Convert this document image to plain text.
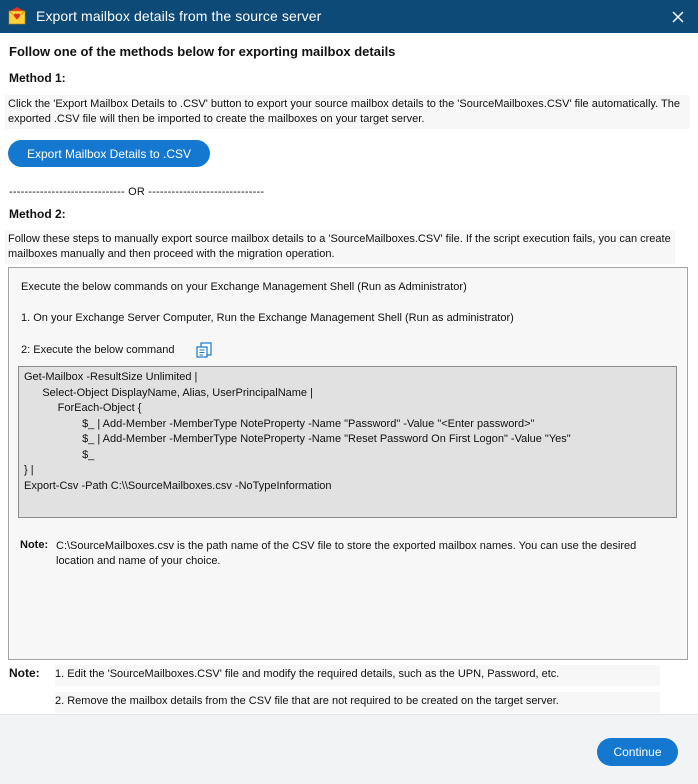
Export mailbox details from the source server
Follow one of the methods below for exporting mailbox details
Method 1:
Click the 'Export Mailbox Details to .CSV' button to export your source mailbox details to the 'SourceMailboxes.CSV' file automatically. The exported .CSV file will then be imported to create the mailboxes on your target server.
Export Mailbox Details to .CSV
------------------------------ OR ------------------------------
Method 2:
Follow these steps to manually export source mailbox details to a 'SourceMailboxes.CSV' file. If the script execution fails, you can create mailboxes manually and then proceed with the migration operation.
Execute the below commands on your Exchange Management Shell (Run as Administrator)
1. On your Exchange Server Computer, Run the Exchange Management Shell (Run as administrator)
2: Execute the below command
Get-Mailbox -ResultSize Unlimited |
Select-Object DisplayName, Alias, UserPrincipalName |
ForEach-Object {
$_ | Add-Member -MemberType NoteProperty -Name "Password" -Value "<Enter password>"
$_ | Add-Member -MemberType NoteProperty -Name "Reset Password On First Logon" -Value "Yes"
$_
} |
Export-Csv -Path C:\\SourceMailboxes.csv -NoTypeInformation
Note: C:\SourceMailboxes.csv is the path name of the CSV file to store the exported mailbox names. You can use the desired location and name of your choice.
Note: 1. Edit the 'SourceMailboxes.CSV' file and modify the required details, such as the UPN, Password, etc.
2. Remove the mailbox details from the CSV file that are not required to be created on the target server.
Continue
